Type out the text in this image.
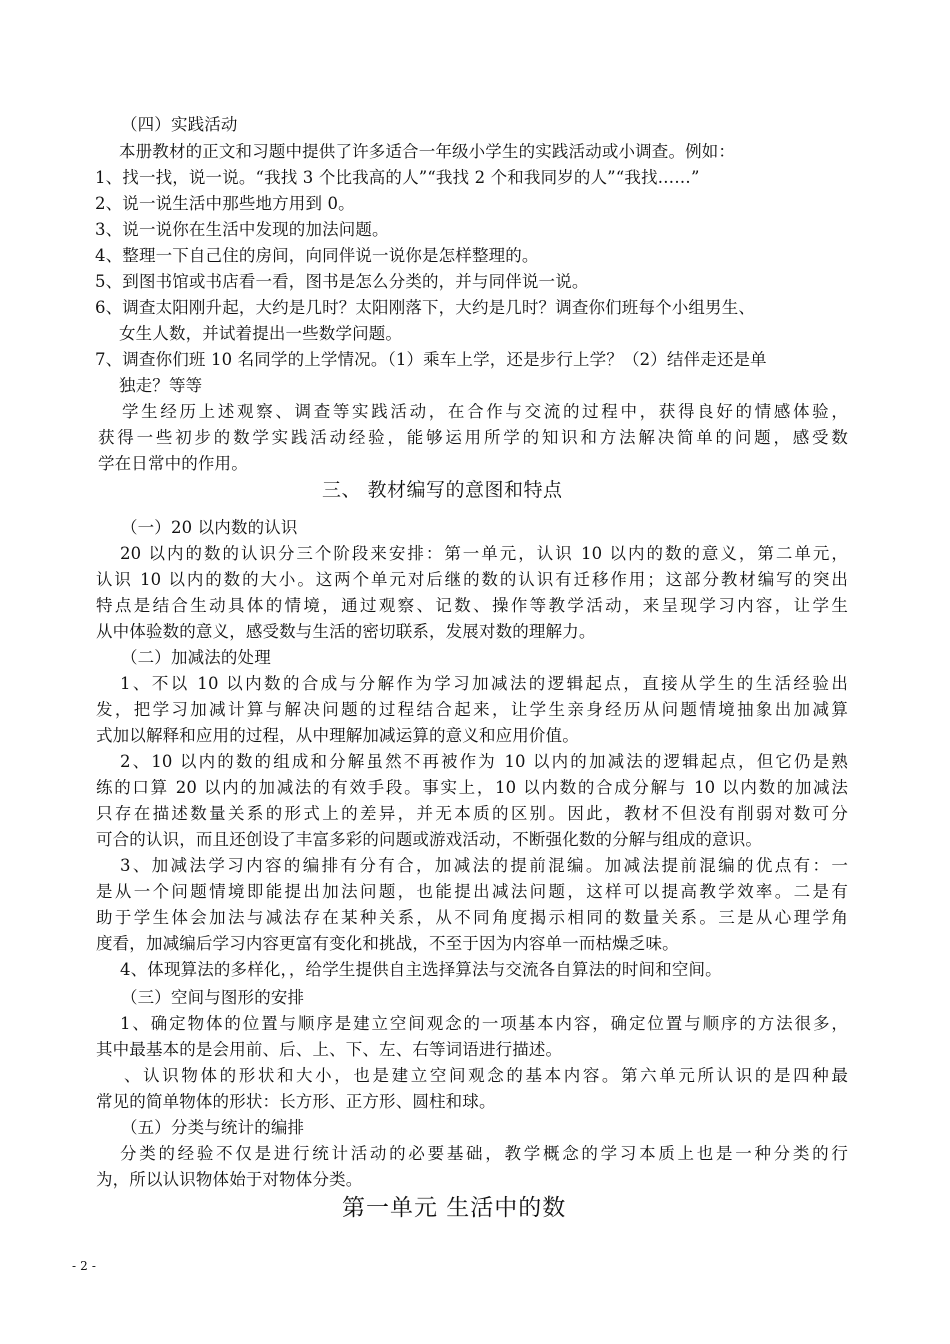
（四）实践活动
本册教材的正文和习题中提供了许多适合一年级小学生的实践活动或小调查。例如：
1、找一找，说一说。“我找 3 个比我高的人”“我找 2 个和我同岁的人”“我找……”
2、说一说生活中那些地方用到 0。
3、说一说你在生活中发现的加法问题。
4、整理一下自己住的房间，向同伴说一说你是怎样整理的。
5、到图书馆或书店看一看，图书是怎么分类的，并与同伴说一说。
6、调查太阳刚升起，大约是几时？太阳刚落下，大约是几时？调查你们班每个小组男生、
女生人数，并试着提出一些数学问题。
7、调查你们班 10 名同学的上学情况。（1）乘车上学，还是步行上学？（2）结伴走还是单
独走？等等
学生经历上述观察、调查等实践活动，在合作与交流的过程中，获得良好的情感体验，
获得一些初步的数学实践活动经验，能够运用所学的知识和方法解决简单的问题，感受数
学在日常中的作用。
三、 教材编写的意图和特点
（一）20 以内数的认识
20 以内的数的认识分三个阶段来安排：第一单元，认识 10 以内的数的意义，第二单元，
认识 10 以内的数的大小。这两个单元对后继的数的认识有迁移作用；这部分教材编写的突出
特点是结合生动具体的情境，通过观察、记数、操作等教学活动，来呈现学习内容，让学生
从中体验数的意义，感受数与生活的密切联系，发展对数的理解力。
（二）加减法的处理
1、不以 10 以内数的合成与分解作为学习加减法的逻辑起点，直接从学生的生活经验出
发，把学习加减计算与解决问题的过程结合起来，让学生亲身经历从问题情境抽象出加减算
式加以解释和应用的过程，从中理解加减运算的意义和应用价值。
2、10 以内的数的组成和分解虽然不再被作为 10 以内的加减法的逻辑起点，但它仍是熟
练的口算 20 以内的加减法的有效手段。事实上，10 以内数的合成分解与 10 以内数的加减法
只存在描述数量关系的形式上的差异，并无本质的区别。因此，教材不但没有削弱对数可分
可合的认识，而且还创设了丰富多彩的问题或游戏活动，不断强化数的分解与组成的意识。
3、加减法学习内容的编排有分有合，加减法的提前混编。加减法提前混编的优点有：一
是从一个问题情境即能提出加法问题，也能提出减法问题，这样可以提高教学效率。二是有
助于学生体会加法与减法存在某种关系，从不同角度揭示相同的数量关系。三是从心理学角
度看，加减编后学习内容更富有变化和挑战，不至于因为内容单一而枯燥乏味。
4、体现算法的多样化，，给学生提供自主选择算法与交流各自算法的时间和空间。
（三）空间与图形的安排
1、确定物体的位置与顺序是建立空间观念的一项基本内容，确定位置与顺序的方法很多，
其中最基本的是会用前、后、上、下、左、右等词语进行描述。
、认识物体的形状和大小，也是建立空间观念的基本内容。第六单元所认识的是四种最
常见的简单物体的形状：长方形、正方形、圆柱和球。
（五）分类与统计的编排
分类的经验不仅是进行统计活动的必要基础，教学概念的学习本质上也是一种分类的行
为，所以认识物体始于对物体分类。
第一单元 生活中的数
- 2 -
